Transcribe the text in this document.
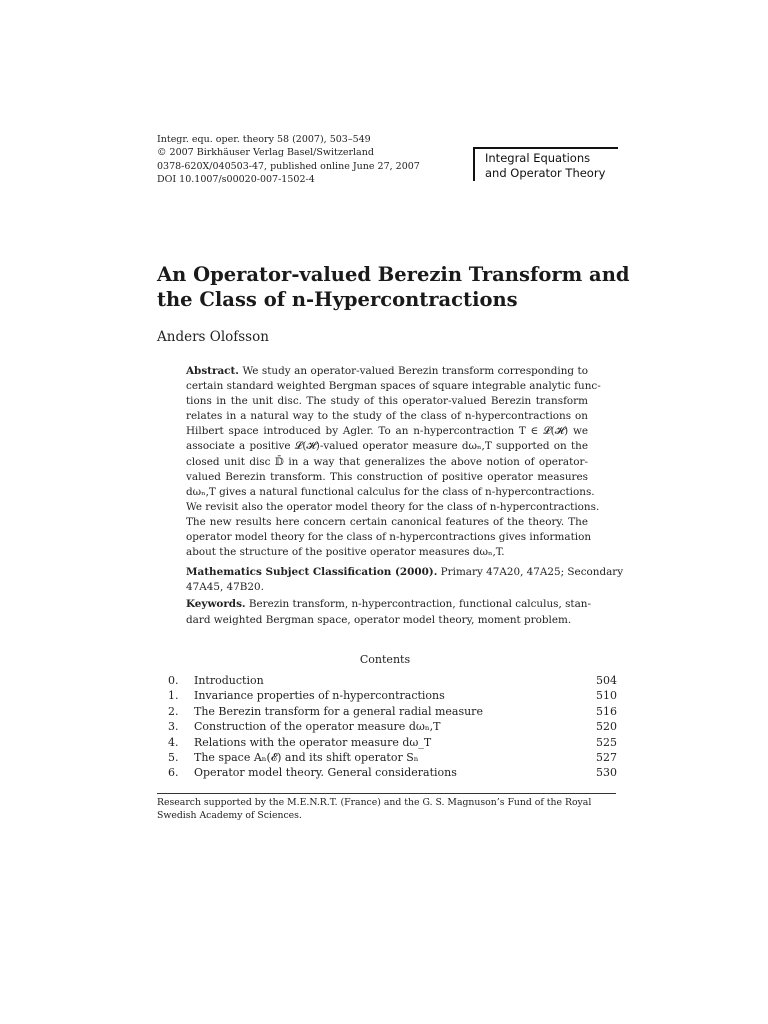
Integr. equ. oper. theory 58 (2007), 503–549
© 2007 Birkhäuser Verlag Basel/Switzerland
0378-620X/040503-47, published online June 27, 2007
DOI 10.1007/s00020-007-1502-4
Integral Equations
and Operator Theory
An Operator-valued Berezin Transform and
the Class of n-Hypercontractions
Anders Olofsson
Abstract. We study an operator-valued Berezin transform corresponding to
certain standard weighted Bergman spaces of square integrable analytic func-
tions in the unit disc. The study of this operator-valued Berezin transform
relates in a natural way to the study of the class of n-hypercontractions on
Hilbert space introduced by Agler. To an n-hypercontraction T ∈ 𝓛(𝓗) we
associate a positive 𝓛(𝓗)-valued operator measure dωₙ,T supported on the
closed unit disc 𝔻̄ in a way that generalizes the above notion of operator-
valued Berezin transform. This construction of positive operator measures
dωₙ,T gives a natural functional calculus for the class of n-hypercontractions.
We revisit also the operator model theory for the class of n-hypercontractions.
The new results here concern certain canonical features of the theory. The
operator model theory for the class of n-hypercontractions gives information
about the structure of the positive operator measures dωₙ,T.
Mathematics Subject Classification (2000). Primary 47A20, 47A25; Secondary
47A45, 47B20.
Keywords. Berezin transform, n-hypercontraction, functional calculus, stan-
dard weighted Bergman space, operator model theory, moment problem.
Contents
0.	Introduction	504
1.	Invariance properties of n-hypercontractions	510
2.	The Berezin transform for a general radial measure	516
3.	Construction of the operator measure dωₙ,T	520
4.	Relations with the operator measure dω_T	525
5.	The space Aₙ(𝓔) and its shift operator Sₙ	527
6.	Operator model theory. General considerations	530
Research supported by the M.E.N.R.T. (France) and the G. S. Magnuson’s Fund of the Royal
Swedish Academy of Sciences.
